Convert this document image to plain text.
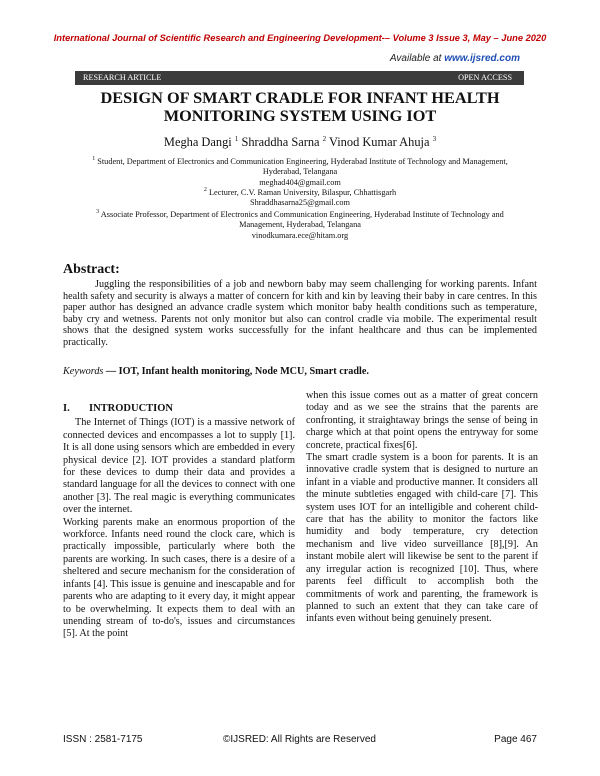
International Journal of Scientific Research and Engineering Development-– Volume 3 Issue 3, May – June 2020
Available at www.ijsred.com
RESEARCH ARTICLE	OPEN ACCESS
DESIGN OF SMART CRADLE FOR INFANT HEALTH
MONITORING SYSTEM USING IOT
Megha Dangi $^1$ Shraddha Sarna $^2$ Vinod Kumar Ahuja $^3$
$^1$ Student, Department of Electronics and Communication Engineering, Hyderabad Institute of Technology and Management,
Hyderabad, Telangana
meghad404@gmail.com
$^2$ Lecturer, C.V. Raman University, Bilaspur, Chhattisgarh
Shraddhasarna25@gmail.com
$^3$ Associate Professor, Department of Electronics and Communication Engineering, Hyderabad Institute of Technology and
Management, Hyderabad, Telangana
vinodkumara.ece@hitam.org
Abstract:

Juggling the responsibilities of a job and newborn baby may seem challenging for working parents. Infant health safety and security is always a matter of concern for kith and kin by leaving their baby in care centres. In this paper author has designed an advance cradle system which monitor baby health conditions such as temperature, baby cry and wetness. Parents not only monitor but also can control cradle via mobile. The experimental result shows that the designed system works successfully for the infant healthcare and thus can be implemented practically.

Keywords — IOT, Infant health monitoring, Node MCU, Smart cradle.
I. INTRODUCTION

The Internet of Things (IOT) is a massive network of connected devices and encompasses a lot to supply [1]. It is all done using sensors which are embedded in every physical device [2]. IOT provides a standard platform for these devices to dump their data and provides a standard language for all the devices to connect with one another [3]. The real magic is everything communicates over the internet.

Working parents make an enormous proportion of the workforce. Infants need round the clock care, which is practically impossible, particularly where both the parents are working. In such cases, there is a desire of a sheltered and secure mechanism for the consideration of infants [4]. This issue is genuine and inescapable and for parents who are adapting to it every day, it might appear to be overwhelming. It expects them to deal with an unending stream of to-do's, issues and circumstances [5]. At the point

when this issue comes out as a matter of great concern today and as we see the strains that the parents are confronting, it straightaway brings the sense of being in charge which at that point opens the entryway for some concrete, practical fixes[6].

The smart cradle system is a boon for parents. It is an innovative cradle system that is designed to nurture an infant in a viable and productive manner. It considers all the minute subtleties engaged with child-care [7]. This system uses IOT for an intelligible and coherent child-care that has the ability to monitor the factors like humidity and body temperature, cry detection mechanism and live video surveillance [8],[9]. An instant mobile alert will likewise be sent to the parent if any irregular action is recognized [10]. Thus, where parents feel difficult to accomplish both the commitments of work and parenting, the framework is planned to such an extent that they can take care of infants even without being genuinely present.

ISSN : 2581-7175	©IJSRED: All Rights are Reserved	Page 467
